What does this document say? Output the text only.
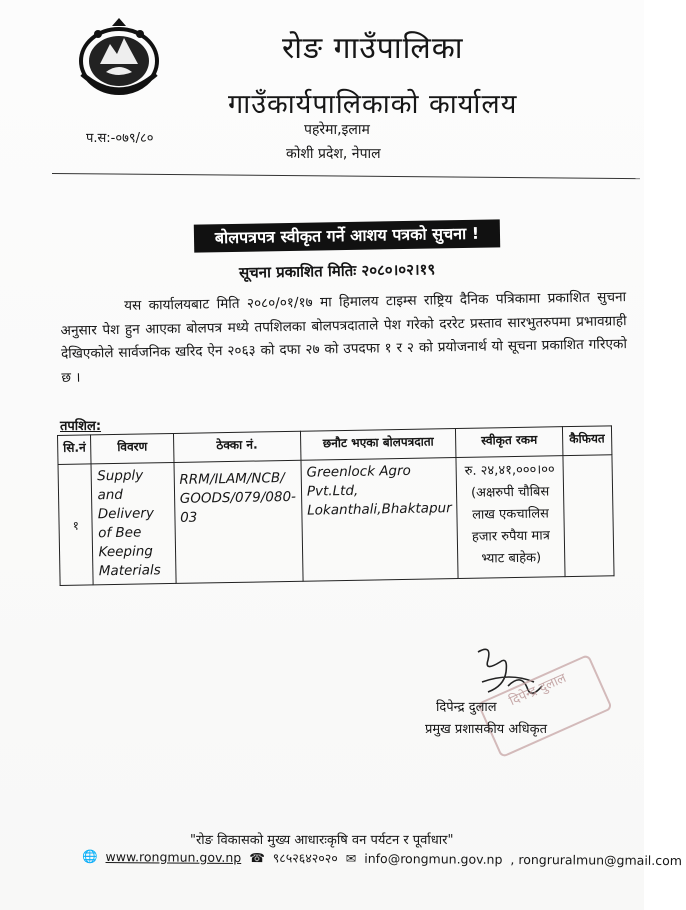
रोङ गाउँपालिका
गाउँकार्यपालिकाको कार्यालय
प.स:-०७९/८०
पहरेमा,इलाम
कोशी प्रदेश, नेपाल
बोलपत्रपत्र स्वीकृत गर्ने आशय पत्रको सुचना !
सूचना प्रकाशित मितिः २०८०।०२।१९

यस कार्यालयबाट मिति २०८०/०१/१७ मा हिमालय टाइम्स राष्ट्रिय दैनिक पत्रिकामा प्रकाशित सुचना अनुसार पेश हुन आएका बोलपत्र मध्ये तपशिलका बोलपत्रदाताले पेश गरेको दररेट प्रस्ताव सारभुतरुपमा प्रभावग्राही देखिएकोले सार्वजनिक खरिद ऐन २०६३ को दफा २७ को उपदफा १ र २ को प्रयोजनार्थ यो सूचना प्रकाशित गरिएको छ ।

तपशिल:
सि.नं	विवरण	ठेक्का नं.	छनौट भएका बोलपत्रदाता	स्वीकृत रकम	कैफियत
१	Supply and Delivery of Bee Keeping Materials	RRM/ILAM/NCB/ GOODS/079/080-03	Greenlock Agro Pvt.Ltd, Lokanthali,Bhaktapur	रु. २४,४१,०००।००
(अक्षरुपी चौबिस लाख एकचालिस हजार रुपैया मात्र भ्याट बाहेक)	

दिपेन्द्र दुलाल
दिपेन्द्र दुलाल
प्रमुख प्रशासकीय अधिकृत
"रोङ विकासको मुख्य आधारःकृषि वन पर्यटन र पूर्वाधार"
🌐 www.rongmun.gov.np ☎ ९८५२६४२०२० ✉ info@rongmun.gov.np , rongruralmun@gmail.com
